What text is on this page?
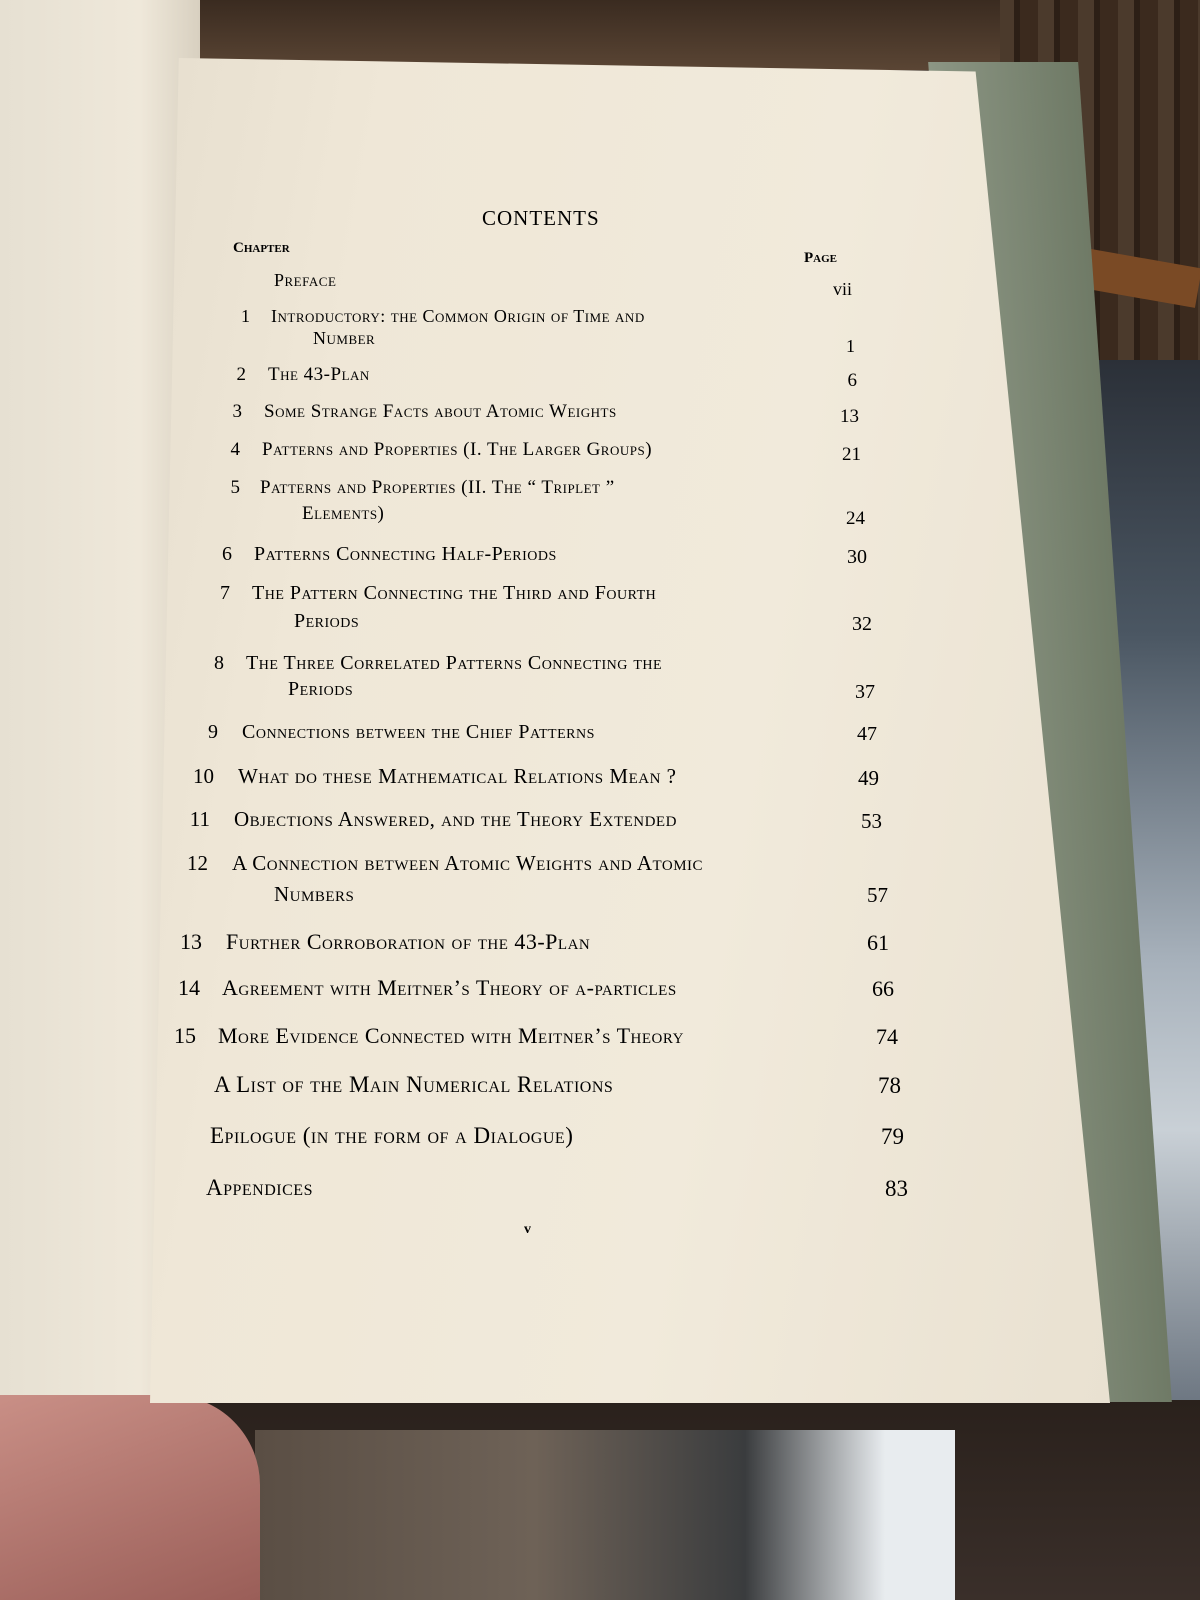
CONTENTS
Chapter
Page
Preface	vii
1 Introductory: the Common Origin of Time and
Number	1
2 The 43-Plan	6
3 Some Strange Facts about Atomic Weights	13
4 Patterns and Properties (I. The Larger Groups)	21
5 Patterns and Properties (II. The “ Triplet ”
Elements)	24
6 Patterns Connecting Half-Periods	30
7 The Pattern Connecting the Third and Fourth
Periods	32
8 The Three Correlated Patterns Connecting the
Periods	37
9 Connections between the Chief Patterns	47
10 What do these Mathematical Relations Mean ?	49
11 Objections Answered, and the Theory Extended	53
12 A Connection between Atomic Weights and Atomic
Numbers	57
13 Further Corroboration of the 43-Plan	61
14 Agreement with Meitner’s Theory of α-particles	66
15 More Evidence Connected with Meitner’s Theory	74
A List of the Main Numerical Relations	78
Epilogue (in the form of a Dialogue)	79
Appendices	83
v
